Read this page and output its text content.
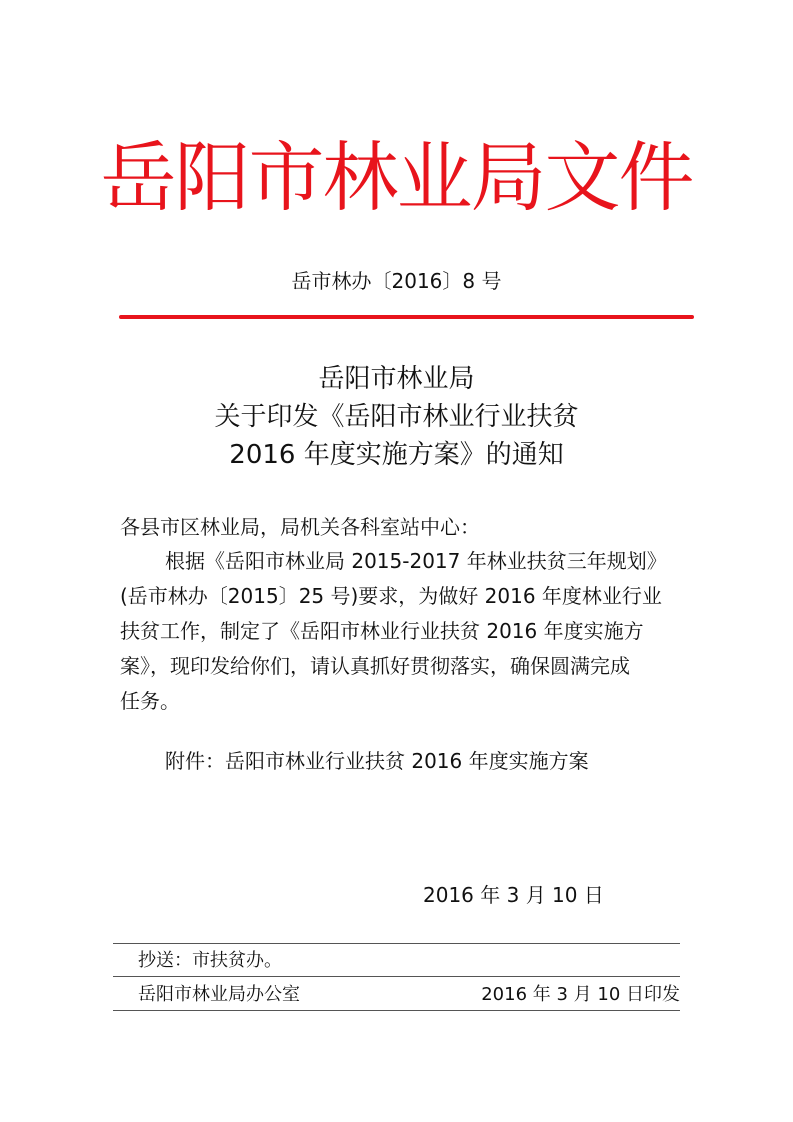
岳阳市林业局文件
岳市林办〔2016〕8 号
岳阳市林业局
关于印发《岳阳市林业行业扶贫
2016 年度实施方案》的通知
各县市区林业局，局机关各科室站中心：
根据《岳阳市林业局 2015-2017 年林业扶贫三年规划》
(岳市林办〔2015〕25 号)要求，为做好 2016 年度林业行业
扶贫工作，制定了《岳阳市林业行业扶贫 2016 年度实施方
案》，现印发给你们，请认真抓好贯彻落实，确保圆满完成
任务。
附件：岳阳市林业行业扶贫 2016 年度实施方案
2016 年 3 月 10 日
抄送：市扶贫办。
岳阳市林业局办公室	2016 年 3 月 10 日印发
